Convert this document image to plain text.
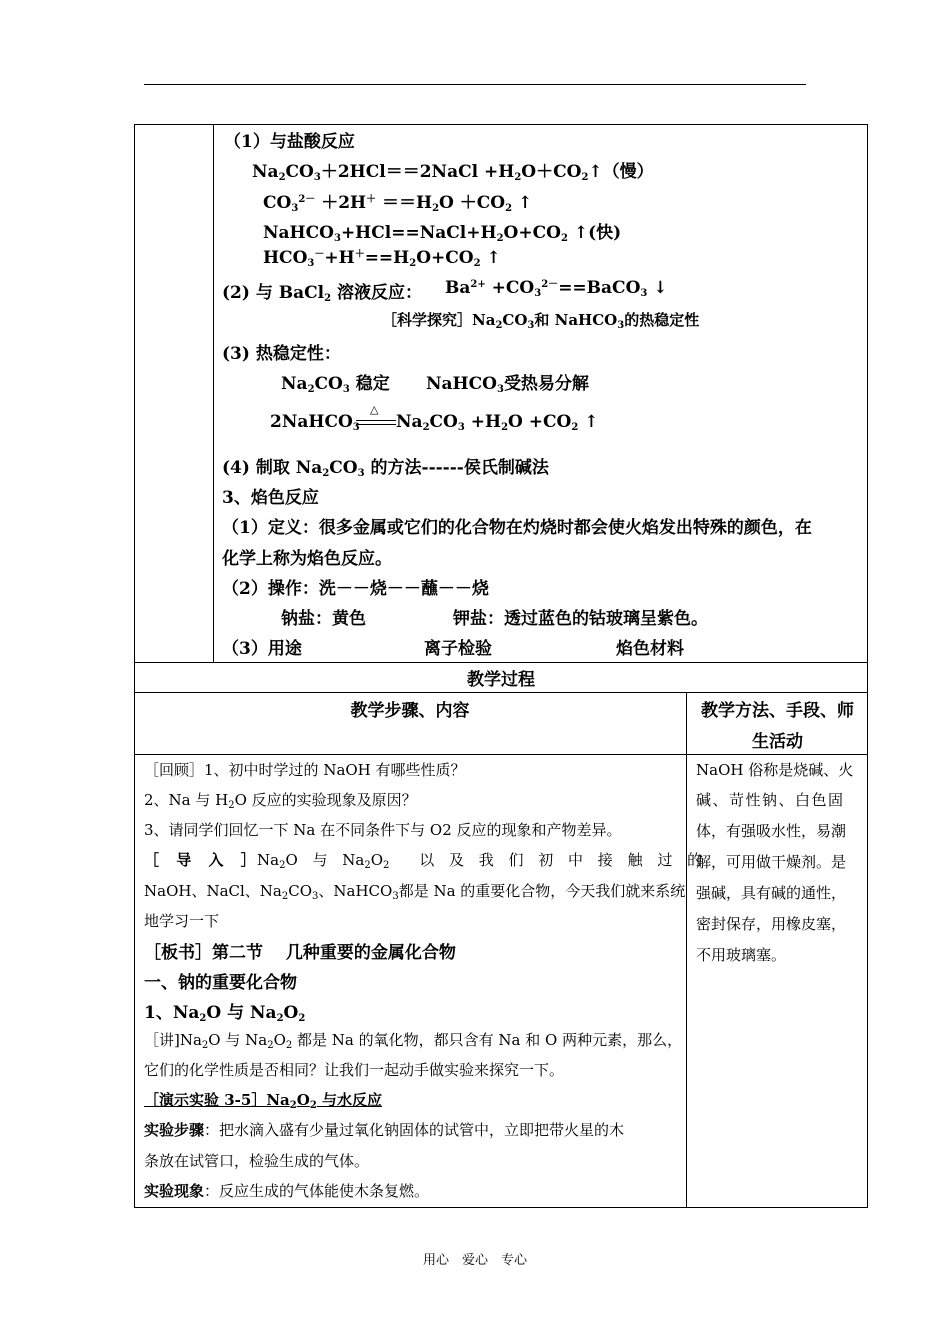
（1）与盐酸反应
$Na_2CO_3+2HCl==2NaCl$ $+H_2O+CO_2↑$（慢）
$CO_3^{2-} +2H^+ ==H_2O +CO_2$ ↑
$NaHCO_3+HCl==NaCl+H_2O+CO_2$ ↑(快)
$HCO_3^-+H^+==H_2O+CO_2$ ↑
(2) 与 BaCl$_2$ 溶液反应： $Ba^{2+}$ $+CO_3^{2-}==BaCO_3$ ↓
［科学探究$]Na_2CO_3$和 NaHCO$_3$的热稳定性
(3) 热稳定性：
$Na_2CO_3$ 稳定 NaHCO$_3$受热易分解
2NaHCO$_3$
△
$Na_2CO_3 +H_2O +CO_2$ ↑
(4) 制取 $Na_2CO_3$ 的方法------侯氏制碱法
3、焰色反应
（1）定义：很多金属或它们的化合物在灼烧时都会使火焰发出特殊的颜色，在
化学上称为焰色反应。
（2）操作：洗－－烧－－蘸－－烧
钠盐：黄色	钾盐：透过蓝色的钴玻璃呈紫色。
（3）用途	离子检验	焰色材料
教学过程
教学步骤、内容	教学方法、手段、师
生活动
［回顾］1、初中时学过的 NaOH 有哪些性质？
2、Na 与 $H_2O$ 反应的实验现象及原因？
3、请同学们回忆一下 Na 在不同条件下与 O2 反应的现象和产物差异。
［ 导 入 ］
$Na_2O$ 与 $Na_2O_2$　 以 及 我 们 初 中 接 触 过 的
NaOH、NaCl、$Na_2CO_3$、NaHCO$_3$都是 Na 的重要化合物，今天我们就来系统
地学习一下
［板书］第二节　 几种重要的金属化合物
一、钠的重要化合物
1、$Na_2O$ 与 $Na_2O_2$
［讲]$Na_2O$ 与 $Na_2O_2$ 都是 Na 的氧化物，都只含有 Na 和 O 两种元素，那么，
它们的化学性质是否相同？让我们一起动手做实验来探究一下。
［演示实验 $3-5]Na_2O_2$ 与水反应
实验步骤：把水滴入盛有少量过氧化钠固体的试管中，立即把带火星的木
条放在试管口，检验生成的气体。
实验现象：反应生成的气体能使木条复燃。
NaOH 俗称是烧碱、火
碱、苛性钠、白色固
体，有强吸水性，易潮
解，可用做干燥剂。是
强碱，具有碱的通性，
密封保存，用橡皮塞，
不用玻璃塞。
用心　爱心　专心
